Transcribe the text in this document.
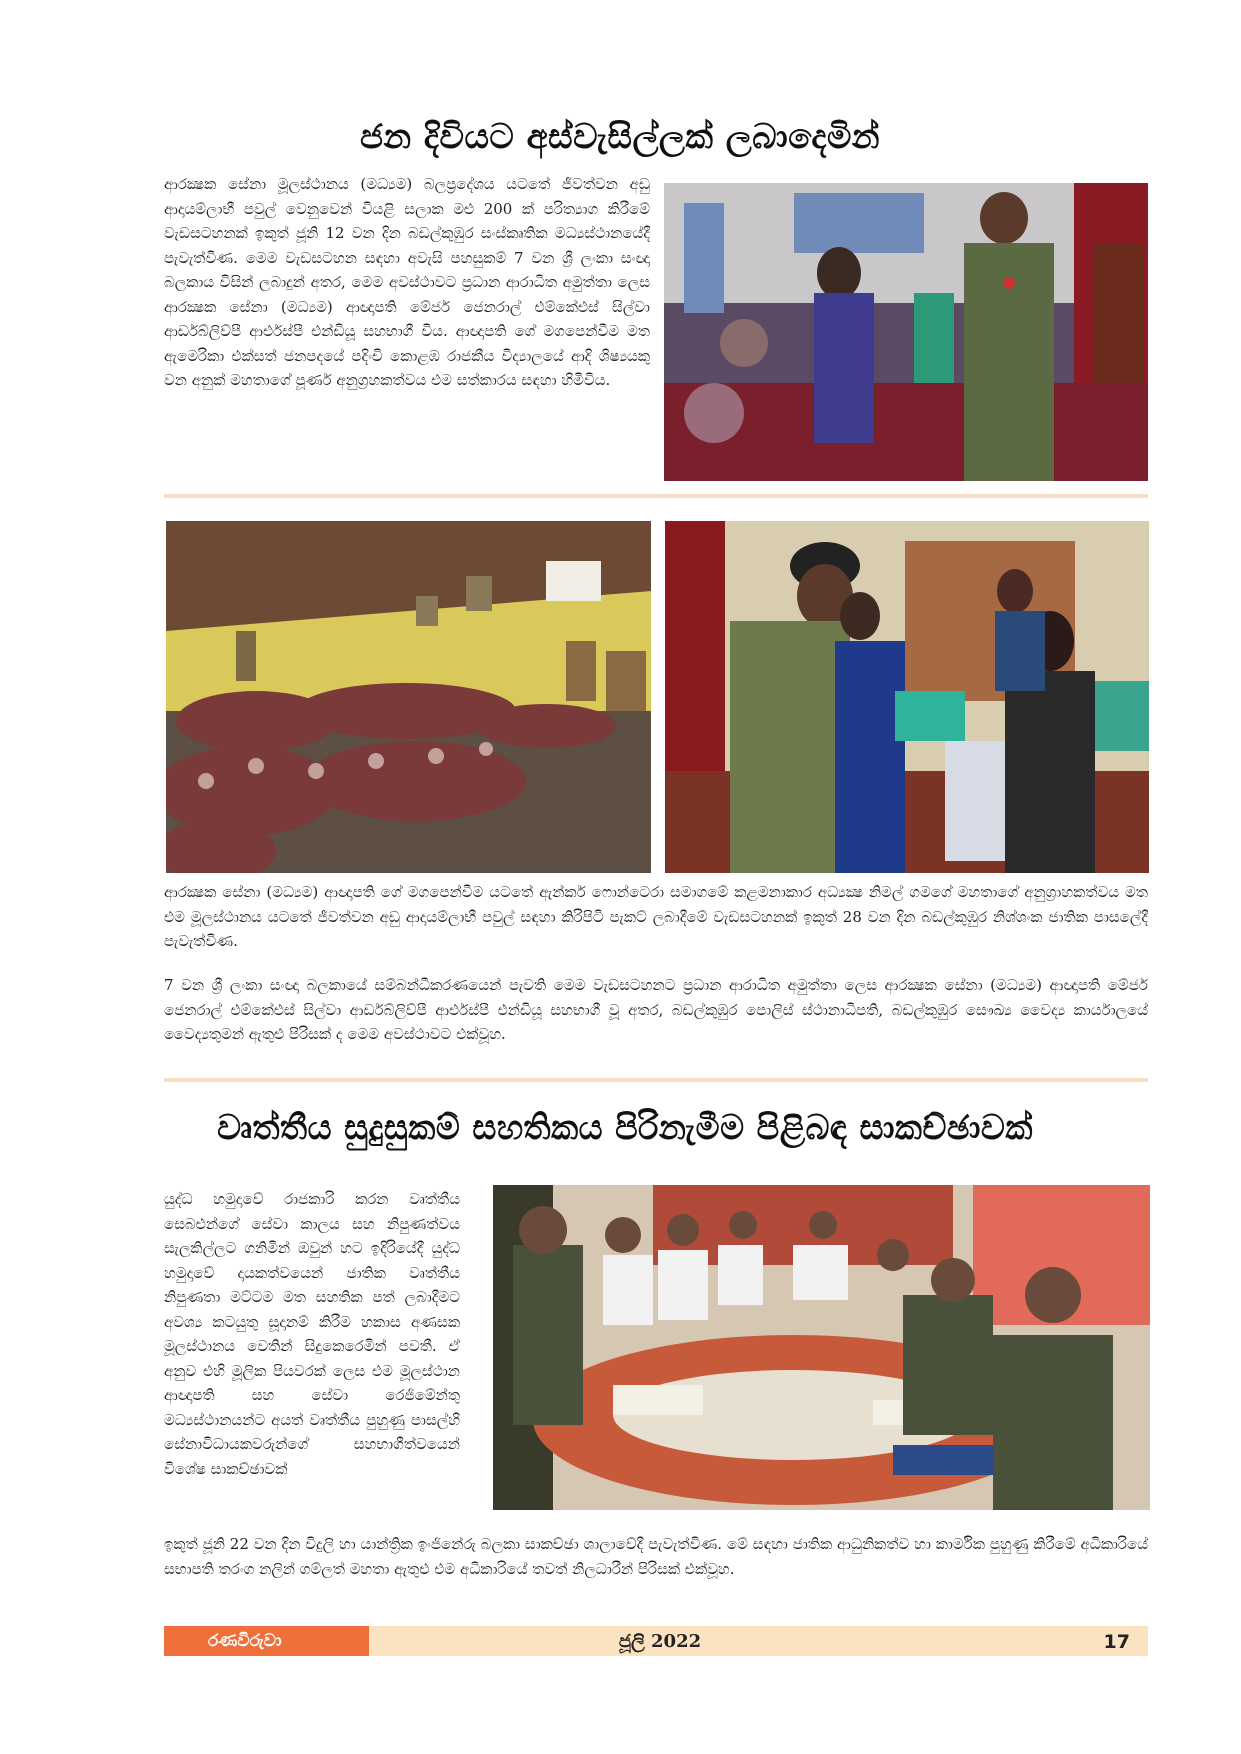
ජන දිවියට අස්වැසිල්ලක් ලබාදෙමින්
ආරක්‍ෂක සේනා මූලස්ථානය (මධ්‍යම) බලප්‍රදේශය යටතේ ජීවත්වන අඩු ආදායම්ලාභී පවුල් වෙනුවෙන් වියළි සලාක මළු 200 ක් පරිත්‍යාග කිරීමේ වැඩසටහනක් ඉකුත් ජූනි 12 වන දින බඩල්කුඹුර සංස්කෘතික මධ්‍යස්ථානයේදී පැවැත්විණ. මෙම වැඩසටහන සඳහා අවැසි පහසුකම් 7 වන ශ්‍රී ලංකා සංඥා බලකාය විසින් ලබාදුන් අතර, මෙම අවස්ථාවට ප්‍රධාන ආරාධිත අමුත්තා ලෙස ආරක්‍ෂක සේනා (මධ්‍යම) ආඥාපති මේජර් ජෙනරාල් එම්කේඑස් සිල්වා ආර්ඩබ්ලිව්පී ආර්එස්පී එන්ඩියූ සහභාගී විය. ආඥාපති ගේ මගපෙන්වීම මත ඇමෙරිකා එක්සත් ජනපදයේ පදිංචි කොළඹ රාජකීය විද්‍යාලයේ ආදි ශිෂ්‍යයකු වන අනුක් මහතාගේ පූර්ණ අනුග්‍රහකත්වය එම සත්කාරය සඳහා හිමිවිය.
ආරක්‍ෂක සේනා (මධ්‍යම) ආඥාපති ගේ මගපෙන්වීම යටතේ ඇන්කර් ෆොන්ටෙරා සමාගමේ කළමනාකාර අධ්‍යක්‍ෂ නිමල් ගමගේ මහතාගේ අනුග්‍රාහකත්වය මත එම මූලස්ථානය යටතේ ජීවත්වන අඩු ආදායම්ලාභී පවුල් සඳහා කිරිපිටි පැකට් ලබාදීමේ වැඩසටහනක් ඉකුත් 28 වන දින බඩල්කුඹුර නිශ්ශංක ජාතික පාසලේදී පැවැත්විණ.
7 වන ශ්‍රී ලංකා සංඥා බලකායේ සම්බන්ධීකරණයෙන් පැවති මෙම වැඩසටහනට ප්‍රධාන ආරාධිත අමුත්තා ලෙස ආරක්‍ෂක සේනා (මධ්‍යම) ආඥාපති මේජර් ජෙනරාල් එම්කේඑස් සිල්වා ආර්ඩබ්ලිව්පී ආර්එස්පී එන්ඩියූ සහභාගී වූ අතර, බඩල්කුඹුර පොලිස් ස්ථානාධිපති, බඩල්කුඹුර සෞඛ්‍ය වෛද්‍ය කාර්යාලයේ වෛද්‍යතුමන් ඇතුළු පිරිසක් ද මෙම අවස්ථාවට එක්වූහ.
වෘත්තීය සුදුසුකම් සහතිකය පිරිනැමීම පිළිබඳ සාකච්ඡාවක්
යුද්ධ හමුදාවේ රාජකාරි කරන වෘත්තීය සෙබළුන්ගේ සේවා කාලය සහ නිපුණත්වය සැලකිල්ලට ගනිමින් ඔවුන් හට ඉදිරියේදී යුද්ධ හමුදාවේ දායකත්වයෙන් ජාතික වෘත්තීය නිපුණතා මට්ටම මත සහතික පත් ලබාදීමට අවශ්‍ය කටයුතු සූදානම් කිරීම හකාස අණසක මූලස්ථානය වෙතින් සිදුකෙරෙමින් පවතී. ඒ අනුව එහි මූලික පියවරක් ලෙස එම මූලස්ථාන ආඥාපති සහ සේවා රෙජිමේන්තු මධ්‍යස්ථානයන්ට අයත් වෘත්තීය පුහුණු පාසල්හි සේනාවිධායකවරුන්ගේ සහභාගීත්වයෙන් විශේෂ සාකච්ඡාවක්
ඉකුත් ජූනි 22 වන දින විදුලි හා යාන්ත්‍රික ඉංජිනේරු බලකා සාකච්ඡා ශාලාවේදී පැවැත්විණ. මේ සඳහා ජාතික ආධුනිකත්ව හා කාර්මික පුහුණු කිරීමේ අධිකාරියේ සභාපති තරංග නලින් ගම්ලත් මහතා ඇතුළු එම අධිකාරියේ තවත් නිලධාරීන් පිරිසක් එක්වූහ.
රණවිරුවා	ජූලි 2022	17
